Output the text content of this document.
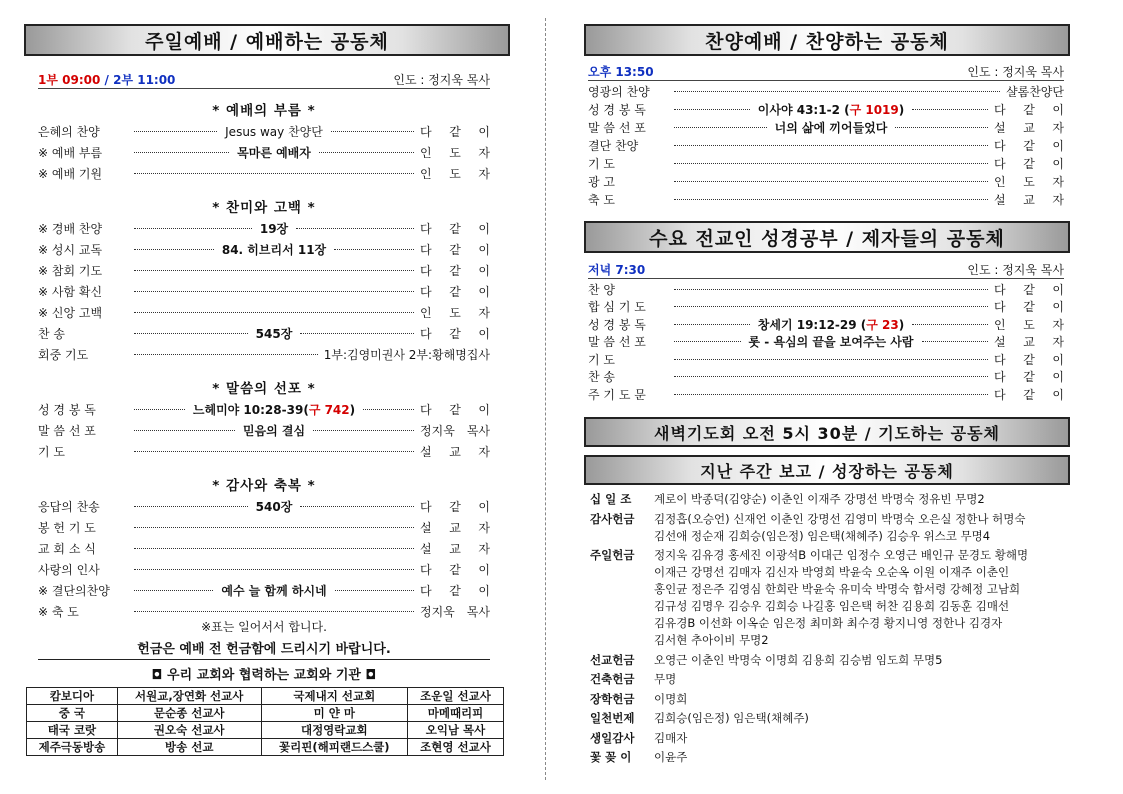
주일예배 / 예배하는 공동체
1부 09:00 / 2부 11:00	인도 : 정지욱 목사
* 예배의 부름 *
은혜의 찬양	Jesus way 찬양단	다 같 이
※ 예배 부름	목마른 예배자	인 도 자
※ 예배 기원	인 도 자
* 찬미와 고백 *
※ 경배 찬양	19장	다 같 이
※ 성시 교독	84. 히브리서 11장	다 같 이
※ 참회 기도	다 같 이
※ 사함 확신	다 같 이
※ 신앙 고백	인 도 자
찬 송	545장	다 같 이
회중 기도	1부:김영미권사 2부:황해명집사
* 말씀의 선포 *
성 경 봉 독	느헤미야 10:28-39(구 742)	다 같 이
말 씀 선 포	믿음의 결심	정지욱 목사
기 도	설 교 자
* 감사와 축복 *
응답의 찬송	540장	다 같 이
봉 헌 기 도	설 교 자
교 회 소 식	설 교 자
사랑의 인사	다 같 이
※ 결단의찬양	예수 늘 함께 하시네	다 같 이
※ 축 도	정지욱 목사
※표는 일어서서 합니다.
헌금은 예배 전 헌금함에 드리시기 바랍니다.
◘ 우리 교회와 협력하는 교회와 기관 ◘
캄보디아	서원교,장연화 선교사	국제내지 선교회	조운일 선교사
중 국	문순종 선교사	미 얀 마	마메때리피
태국 코랏	권오숙 선교사	대정영락교회	오익남 목사
제주극동방송	방송 선교	꽃리핀(해피랜드스쿨)	조현영 선교사
찬양예배 / 찬양하는 공동체
오후 13:50	인도 : 정지욱 목사
영광의 찬양	샬롬찬양단
성 경 봉 독	이사야 43:1-2 (구 1019)	다 같 이
말 씀 선 포	너의 삶에 끼어들었다	설 교 자
결단 찬양	다 같 이
기 도	다 같 이
광 고	인 도 자
축 도	설 교 자
수요 전교인 성경공부 / 제자들의 공동체
저녁 7:30	인도 : 정지욱 목사
찬 양	다 같 이
합 심 기 도	다 같 이
성 경 봉 독	창세기 19:12-29 (구 23)	인 도 자
말 씀 선 포	롯 - 욕심의 끝을 보여주는 사람	설 교 자
기 도	다 같 이
찬 송	다 같 이
주 기 도 문	다 같 이
새벽기도회 오전 5시 30분 / 기도하는 공동체
지난 주간 보고 / 성장하는 공동체
십 일 조	계로이 박종덕(김양순) 이춘인 이재주 강명선 박명숙 정유빈 무명2
감사헌금	김정흡(오승언) 신재언 이춘인 강명선 김영미 박명숙 오은실 정한나 허명숙
김선애 정순재 김희승(임은정) 임은택(채혜주) 김승우 위스코 무명4
주일헌금	정지욱 김유경 홍세진 이광석B 이대근 임정수 오영근 배인규 문경도 황해명
이재근 강명선 김매자 김신자 박영희 박윤숙 오순옥 이원 이재주 이춘인
홍인균 정은주 김영심 한희란 박윤숙 유미숙 박명숙 함서령 강혜정 고남희
김규성 김명우 김승우 김희승 나길홍 임은택 허찬 김용희 김동훈 김매선
김유경B 이선화 이옥순 임은정 최미화 최수경 황지니영 정한나 김경자
김서현 추아이비 무명2
선교헌금	오영근 이춘인 박명숙 이명희 김용희 김승범 임도희 무명5
건축헌금	무명
장학헌금	이명희
일천번제	김희승(임은정) 임은택(채혜주)
생일감사	김매자
꽃 꽂 이	이윤주
